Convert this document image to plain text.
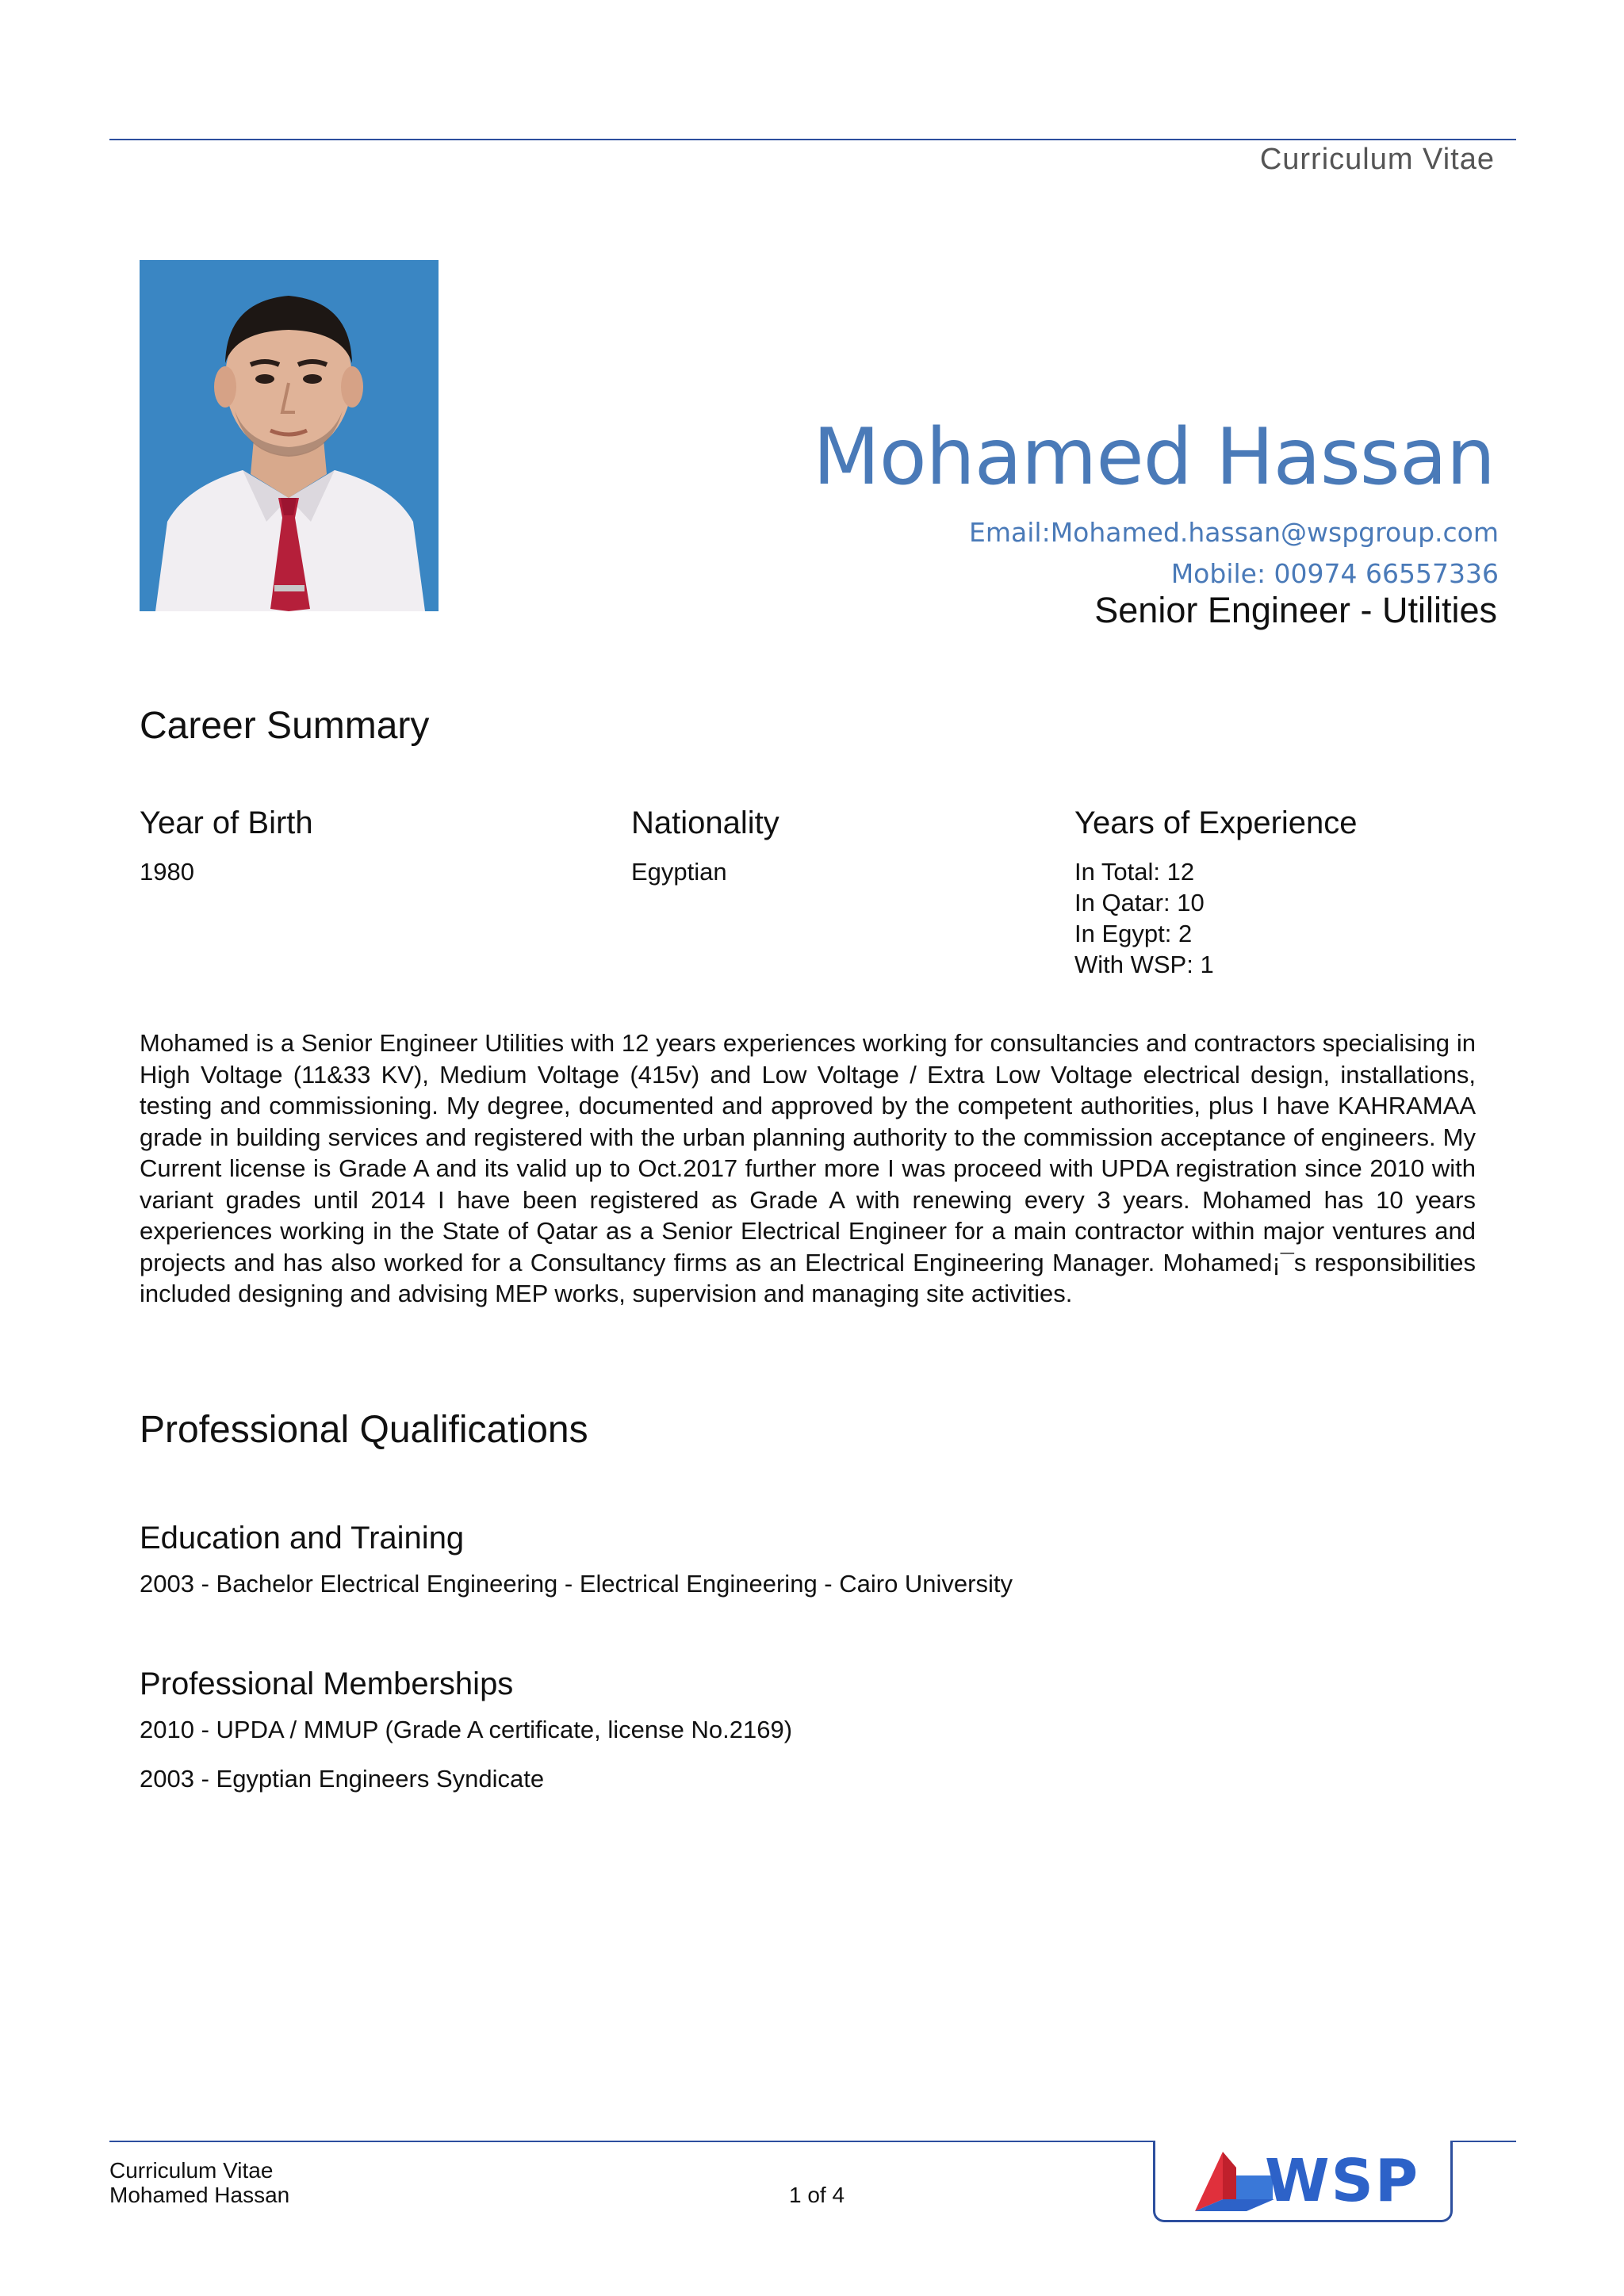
Curriculum Vitae
Mohamed Hassan
Email:Mohamed.hassan@wspgroup.com
Mobile: 00974 66557336
Senior Engineer - Utilities
Career Summary
Year of Birth
1980
Nationality
Egyptian
Years of Experience
In Total: 12
In Qatar: 10
In Egypt: 2
With WSP: 1
Mohamed is a Senior Engineer Utilities with 12 years experiences working for consultancies and contractors specialising in High Voltage (11&33 KV), Medium Voltage (415v) and Low Voltage / Extra Low Voltage electrical design, installations, testing and commissioning. My degree, documented and approved by the competent authorities, plus I have KAHRAMAA grade in building services and registered with the urban planning authority to the commission acceptance of engineers. My Current license is Grade A and its valid up to Oct.2017 further more I was proceed with UPDA registration since 2010 with variant grades until 2014 I have been registered as Grade A with renewing every 3 years. Mohamed has 10 years experiences working in the State of Qatar as a Senior Electrical Engineer for a main contractor within major ventures and projects and has also worked for a Consultancy firms as an Electrical Engineering Manager. Mohamed¡¯s responsibilities included designing and advising MEP works, supervision and managing site activities.
Professional Qualifications
Education and Training
2003 - Bachelor Electrical Engineering - Electrical Engineering - Cairo University
Professional Memberships
2010 - UPDA / MMUP (Grade A certificate, license No.2169)
2003 - Egyptian Engineers Syndicate
WSP
Curriculum Vitae
Mohamed Hassan	1 of 4
